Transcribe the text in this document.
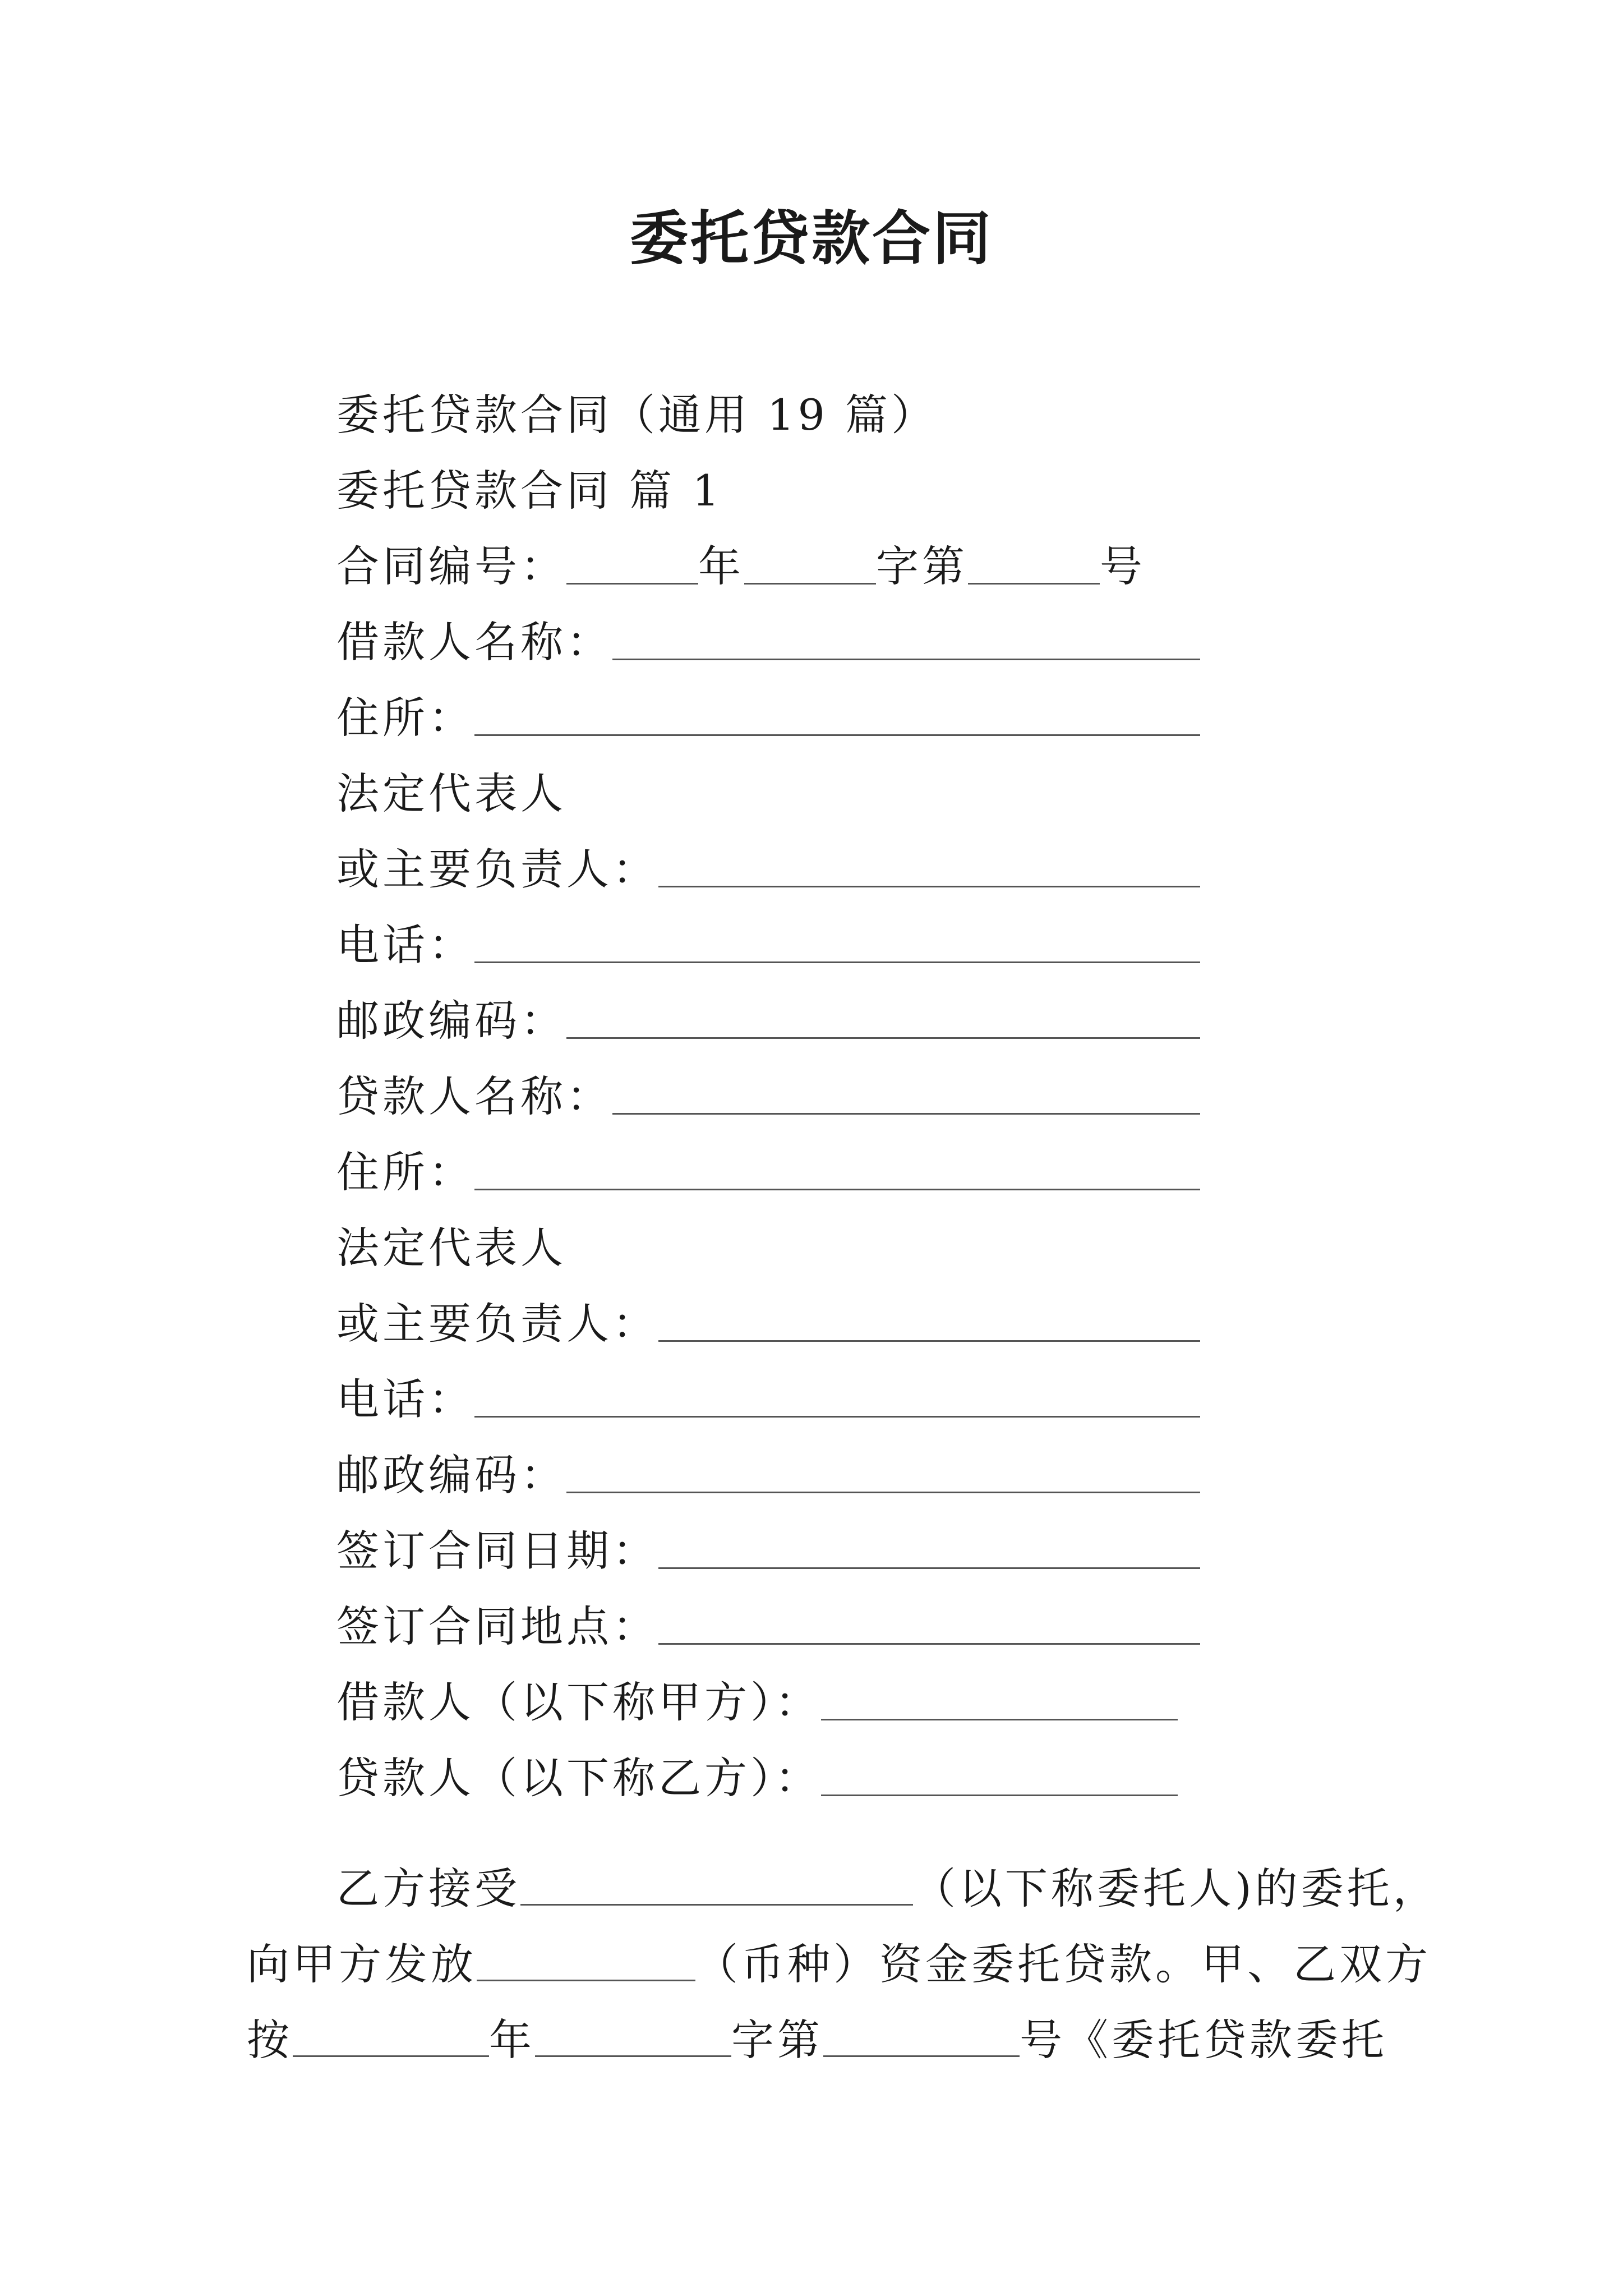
委托贷款合同
委托贷款合同（通用 19 篇）
委托贷款合同 篇 1
合同编号：	年	字第	号
借款人名称：
住所：
法定代表人
或主要负责人：
电话：
邮政编码：
贷款人名称：
住所：
法定代表人
或主要负责人：
电话：
邮政编码：
签订合同日期：
签订合同地点：
借款人（以下称甲方）：
贷款人（以下称乙方）：
乙方接受	（以下称委托人)的委托，
向甲方发放	（币种）资金委托贷款。甲、乙双方
按	年	字第	号《委托贷款委托
